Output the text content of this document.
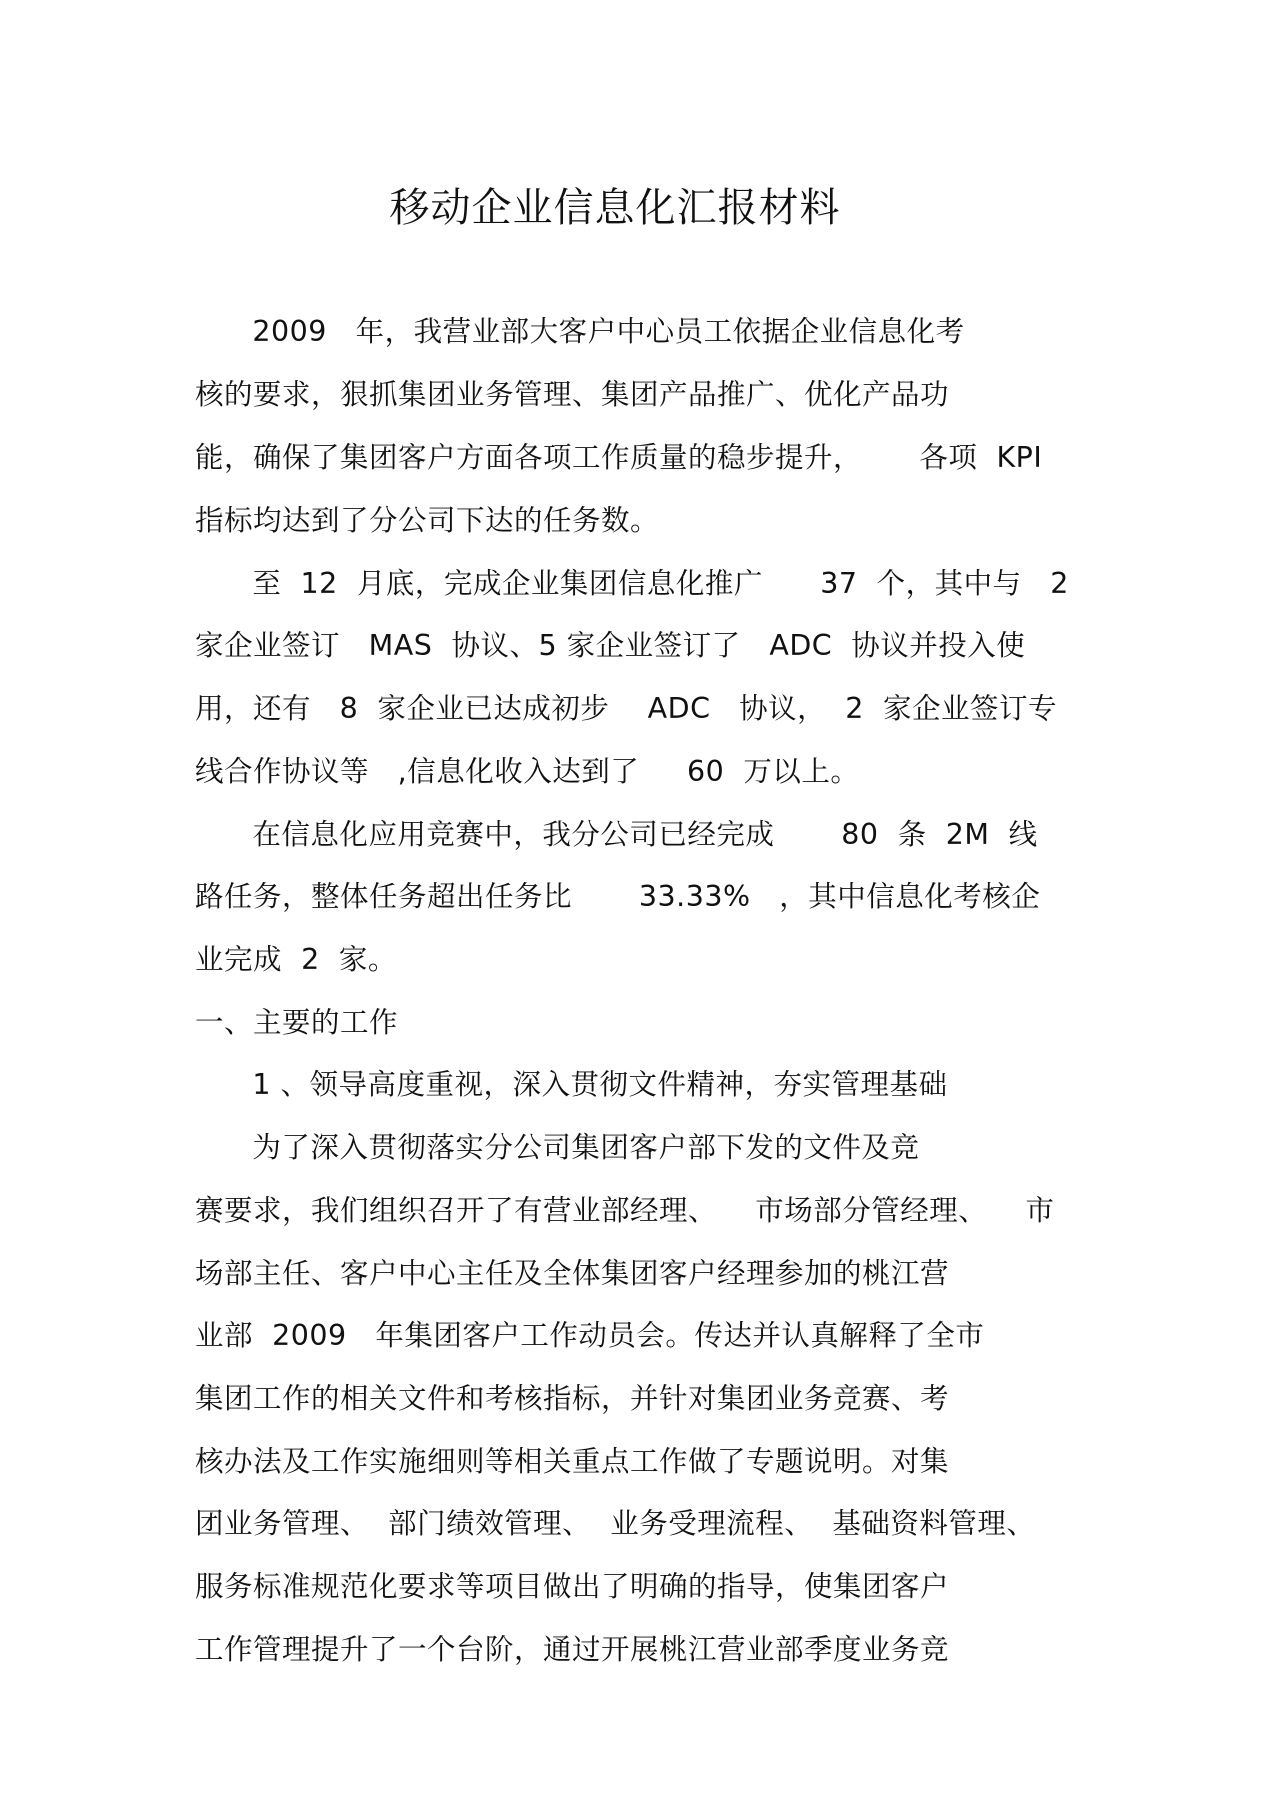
移动企业信息化汇报材料
2009   年，我营业部大客户中心员工依据企业信息化考
核的要求，狠抓集团业务管理、集团产品推广、优化产品功
能，确保了集团客户方面各项工作质量的稳步提升，      各项  KPI
指标均达到了分公司下达的任务数。
至  12  月底，完成企业集团信息化推广      37  个，其中与   2
家企业签订   MAS  协议、5 家企业签订了   ADC  协议并投入使
用，还有   8  家企业已达成初步    ADC   协议，  2  家企业签订专
线合作协议等   ,信息化收入达到了     60  万以上。
在信息化应用竞赛中，我分公司已经完成       80  条  2M  线
路任务，整体任务超出任务比       33.33%   ，其中信息化考核企
业完成  2  家。
一、主要的工作
1 、领导高度重视，深入贯彻文件精神，夯实管理基础
为了深入贯彻落实分公司集团客户部下发的文件及竞
赛要求，我们组织召开了有营业部经理、    市场部分管经理、    市
场部主任、客户中心主任及全体集团客户经理参加的桃江营
业部  2009   年集团客户工作动员会。传达并认真解释了全市
集团工作的相关文件和考核指标，并针对集团业务竞赛、考
核办法及工作实施细则等相关重点工作做了专题说明。对集
团业务管理、  部门绩效管理、  业务受理流程、  基础资料管理、
服务标准规范化要求等项目做出了明确的指导，使集团客户
工作管理提升了一个台阶，通过开展桃江营业部季度业务竞
